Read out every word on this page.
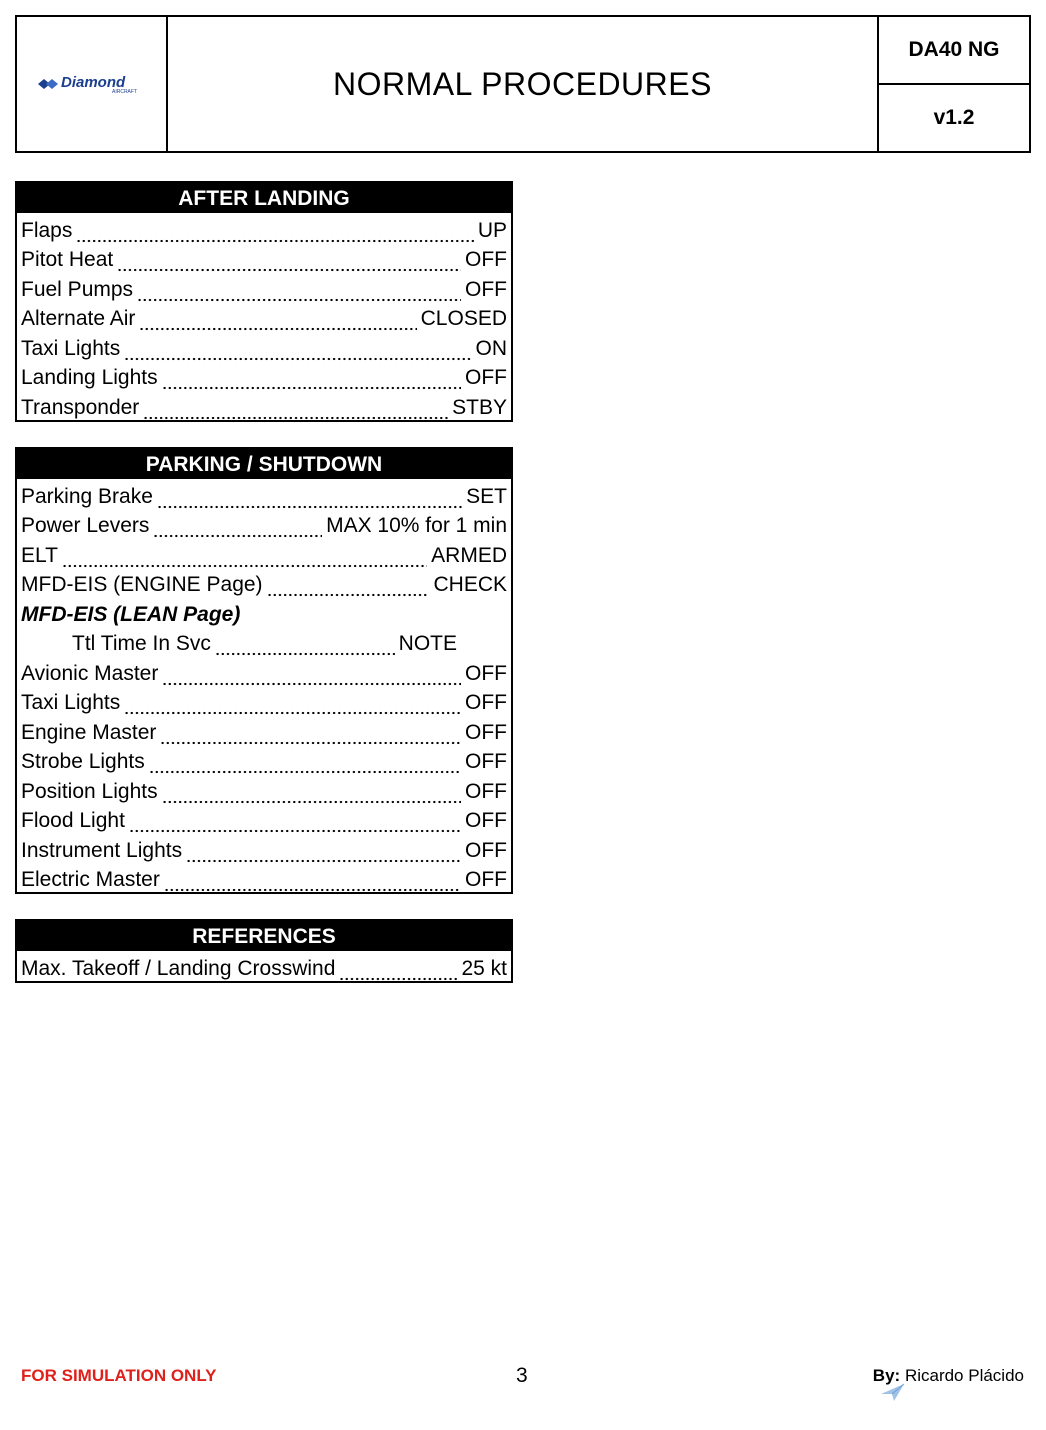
Diamond
AIRCRAFT	NORMAL PROCEDURES
DA40 NG
v1.2
AFTER LANDING
Flaps	UP
Pitot Heat	OFF
Fuel Pumps	OFF
Alternate Air	CLOSED
Taxi Lights	ON
Landing Lights	OFF
Transponder	STBY
PARKING / SHUTDOWN
Parking Brake	SET
Power Levers	MAX 10% for 1 min
ELT	ARMED
MFD-EIS (ENGINE Page)	CHECK
MFD-EIS (LEAN Page)
Ttl Time In Svc	NOTE
Avionic Master	OFF
Taxi Lights	OFF
Engine Master	OFF
Strobe Lights	OFF
Position Lights	OFF
Flood Light	OFF
Instrument Lights	OFF
Electric Master	OFF
REFERENCES
Max. Takeoff / Landing Crosswind	25 kt
FOR SIMULATION ONLY	3	By: Ricardo Plácido
